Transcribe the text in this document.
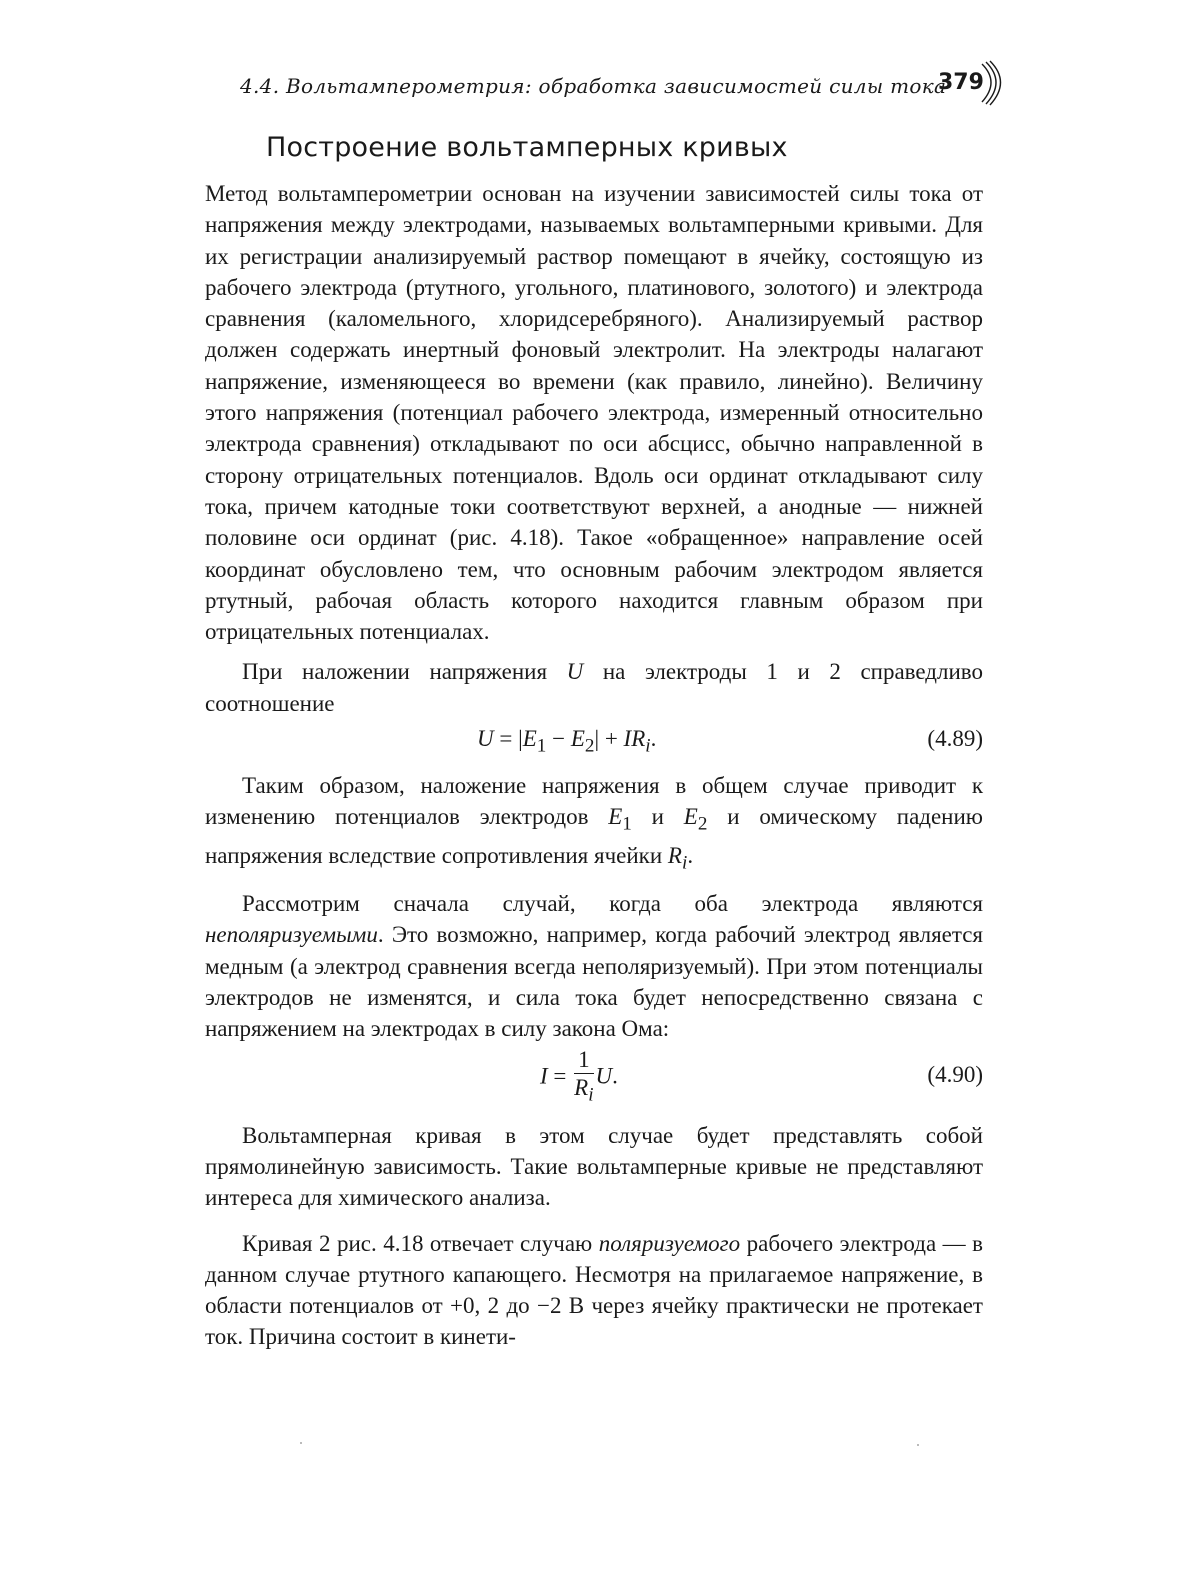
4.4. Вольтамперометрия: обработка зависимостей силы тока
379
Построение вольтамперных кривых

Метод вольтамперометрии основан на изучении зависимостей силы тока от напряжения между электродами, называемых вольтамперными кривыми. Для их регистрации анализируемый раствор помещают в ячейку, состоящую из рабочего электрода (ртутного, угольного, платинового, золотого) и электрода сравнения (каломельного, хлоридсеребряного). Анализируемый раствор должен содержать инертный фоновый электролит. На электроды налагают напряжение, изменяющееся во времени (как правило, линейно). Величину этого напряжения (потенциал рабочего электрода, измеренный относительно электрода сравнения) откладывают по оси абсцисс, обычно направленной в сторону отрицательных потенциалов. Вдоль оси ординат откладывают силу тока, причем катодные токи соответствуют верхней, а анодные — нижней половине оси ординат (рис. 4.18). Такое «обращенное» направление осей координат обусловлено тем, что основным рабочим электродом является ртутный, рабочая область которого находится главным образом при отрицательных потенциалах.

При наложении напряжения U на электроды 1 и 2 справедливо соотношение

$U = |E_1 - E_2| + IR_i$.	(4.89)

Таким образом, наложение напряжения в общем случае приводит к изменению потенциалов электродов $E_1$ и $E_2$ и омическому падению напряжения вследствие сопротивления ячейки $R_i$.

Рассмотрим сначала случай, когда оба электрода являются неполяризуемыми. Это возможно, например, когда рабочий электрод является медным (а электрод сравнения всегда неполяризуемый). При этом потенциалы электродов не изменятся, и сила тока будет непосредственно связана с напряжением на электродах в силу закона Ома:

$I = \frac{1}{R_i} U$.	(4.90)

Вольтамперная кривая в этом случае будет представлять собой прямолинейную зависимость. Такие вольтамперные кривые не представляют интереса для химического анализа.

Кривая 2 рис. 4.18 отвечает случаю поляризуемого рабочего электрода — в данном случае ртутного капающего. Несмотря на прилагаемое напряжение, в области потенциалов от +0, 2 до −2 В через ячейку практически не протекает ток. Причина состоит в кинети-
